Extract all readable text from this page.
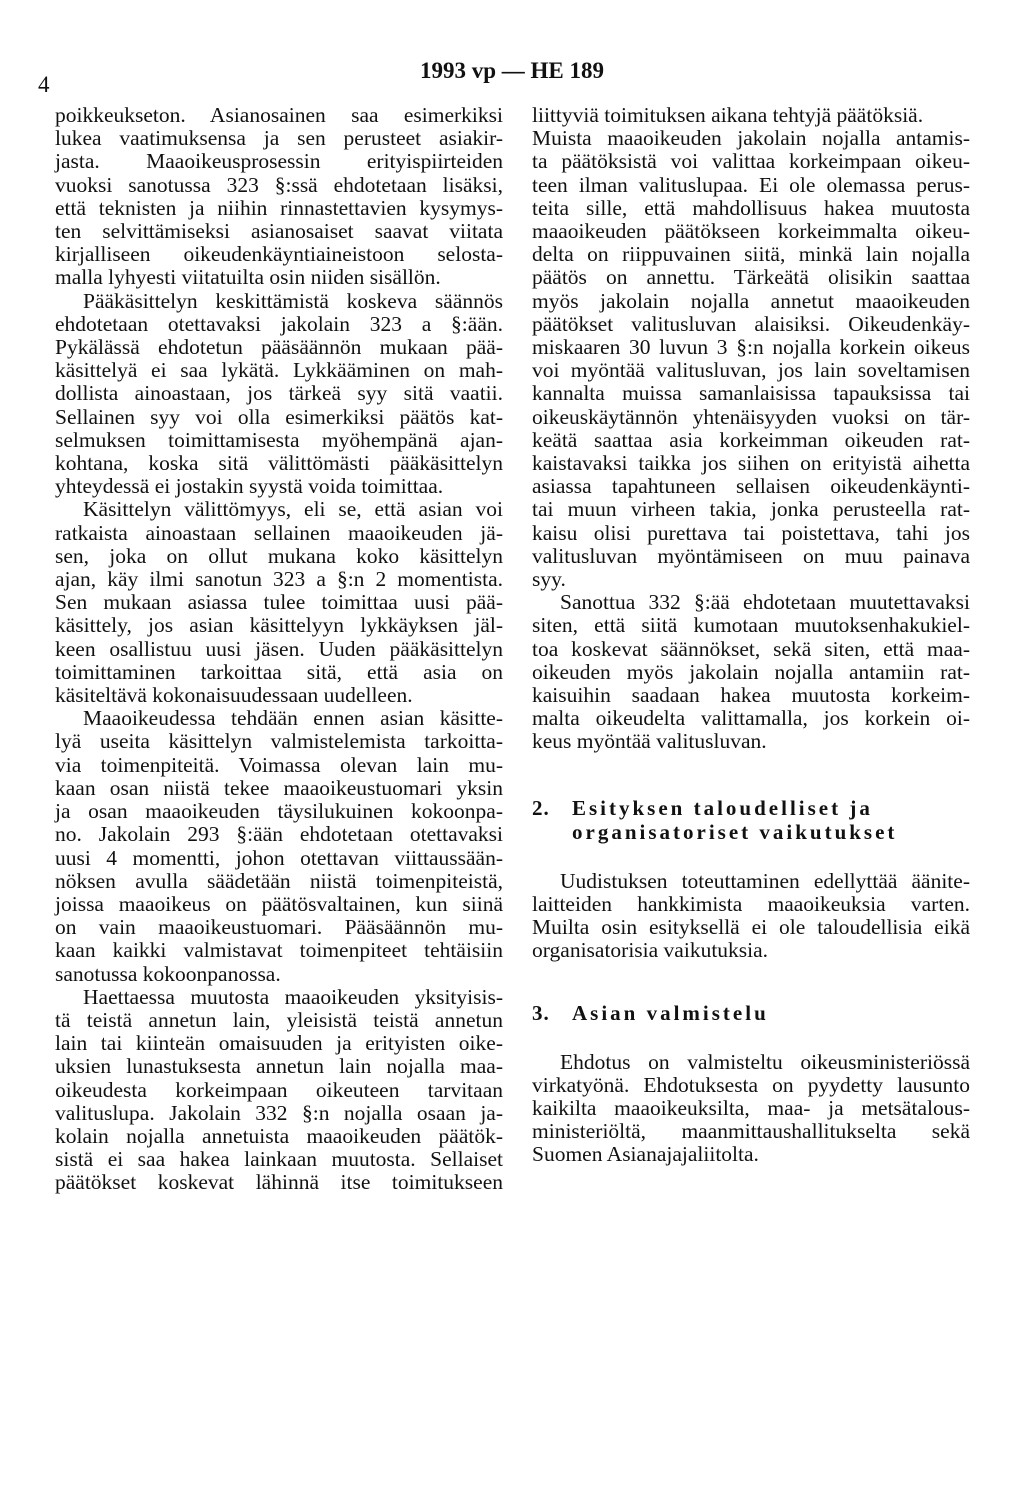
4
1993 vp — HE 189
poikkeukseton. Asianosainen saa esimerkiksi
lukea vaatimuksensa ja sen perusteet asiakir-
jasta. Maaoikeusprosessin erityispiirteiden
vuoksi sanotussa 323 §:ssä ehdotetaan lisäksi,
että teknisten ja niihin rinnastettavien kysymys-
ten selvittämiseksi asianosaiset saavat viitata
kirjalliseen oikeudenkäyntiaineistoon selosta-
malla lyhyesti viitatuilta osin niiden sisällön.
Pääkäsittelyn keskittämistä koskeva säännös
ehdotetaan otettavaksi jakolain 323 a §:ään.
Pykälässä ehdotetun pääsäännön mukaan pää-
käsittelyä ei saa lykätä. Lykkääminen on mah-
dollista ainoastaan, jos tärkeä syy sitä vaatii.
Sellainen syy voi olla esimerkiksi päätös kat-
selmuksen toimittamisesta myöhempänä ajan-
kohtana, koska sitä välittömästi pääkäsittelyn
yhteydessä ei jostakin syystä voida toimittaa.
Käsittelyn välittömyys, eli se, että asian voi
ratkaista ainoastaan sellainen maaoikeuden jä-
sen, joka on ollut mukana koko käsittelyn
ajan, käy ilmi sanotun 323 a §:n 2 momentista.
Sen mukaan asiassa tulee toimittaa uusi pää-
käsittely, jos asian käsittelyyn lykkäyksen jäl-
keen osallistuu uusi jäsen. Uuden pääkäsittelyn
toimittaminen tarkoittaa sitä, että asia on
käsiteltävä kokonaisuudessaan uudelleen.
Maaoikeudessa tehdään ennen asian käsitte-
lyä useita käsittelyn valmistelemista tarkoitta-
via toimenpiteitä. Voimassa olevan lain mu-
kaan osan niistä tekee maaoikeustuomari yksin
ja osan maaoikeuden täysilukuinen kokoonpa-
no. Jakolain 293 §:ään ehdotetaan otettavaksi
uusi 4 momentti, johon otettavan viittaussään-
nöksen avulla säädetään niistä toimenpiteistä,
joissa maaoikeus on päätösvaltainen, kun siinä
on vain maaoikeustuomari. Pääsäännön mu-
kaan kaikki valmistavat toimenpiteet tehtäisiin
sanotussa kokoonpanossa.
Haettaessa muutosta maaoikeuden yksityisis-
tä teistä annetun lain, yleisistä teistä annetun
lain tai kiinteän omaisuuden ja erityisten oike-
uksien lunastuksesta annetun lain nojalla maa-
oikeudesta korkeimpaan oikeuteen tarvitaan
valituslupa. Jakolain 332 §:n nojalla osaan ja-
kolain nojalla annetuista maaoikeuden päätök-
sistä ei saa hakea lainkaan muutosta. Sellaiset
päätökset koskevat lähinnä itse toimitukseen
liittyviä toimituksen aikana tehtyjä päätöksiä.
Muista maaoikeuden jakolain nojalla antamis-
ta päätöksistä voi valittaa korkeimpaan oikeu-
teen ilman valituslupaa. Ei ole olemassa perus-
teita sille, että mahdollisuus hakea muutosta
maaoikeuden päätökseen korkeimmalta oikeu-
delta on riippuvainen siitä, minkä lain nojalla
päätös on annettu. Tärkeätä olisikin saattaa
myös jakolain nojalla annetut maaoikeuden
päätökset valitusluvan alaisiksi. Oikeudenkäy-
miskaaren 30 luvun 3 §:n nojalla korkein oikeus
voi myöntää valitusluvan, jos lain soveltamisen
kannalta muissa samanlaisissa tapauksissa tai
oikeuskäytännön yhtenäisyyden vuoksi on tär-
keätä saattaa asia korkeimman oikeuden rat-
kaistavaksi taikka jos siihen on erityistä aihetta
asiassa tapahtuneen sellaisen oikeudenkäynti-
tai muun virheen takia, jonka perusteella rat-
kaisu olisi purettava tai poistettava, tahi jos
valitusluvan myöntämiseen on muu painava
syy.
Sanottua 332 §:ää ehdotetaan muutettavaksi
siten, että siitä kumotaan muutoksenhakukiel-
toa koskevat säännökset, sekä siten, että maa-
oikeuden myös jakolain nojalla antamiin rat-
kaisuihin saadaan hakea muutosta korkeim-
malta oikeudelta valittamalla, jos korkein oi-
keus myöntää valitusluvan.
2. Esityksen taloudelliset ja
organisatoriset vaikutukset
Uudistuksen toteuttaminen edellyttää äänite-
laitteiden hankkimista maaoikeuksia varten.
Muilta osin esityksellä ei ole taloudellisia eikä
organisatorisia vaikutuksia.
3. Asian valmistelu
Ehdotus on valmisteltu oikeusministeriössä
virkatyönä. Ehdotuksesta on pyydetty lausunto
kaikilta maaoikeuksilta, maa- ja metsätalous-
ministeriöltä, maanmittaushallitukselta sekä
Suomen Asianajajaliitolta.
